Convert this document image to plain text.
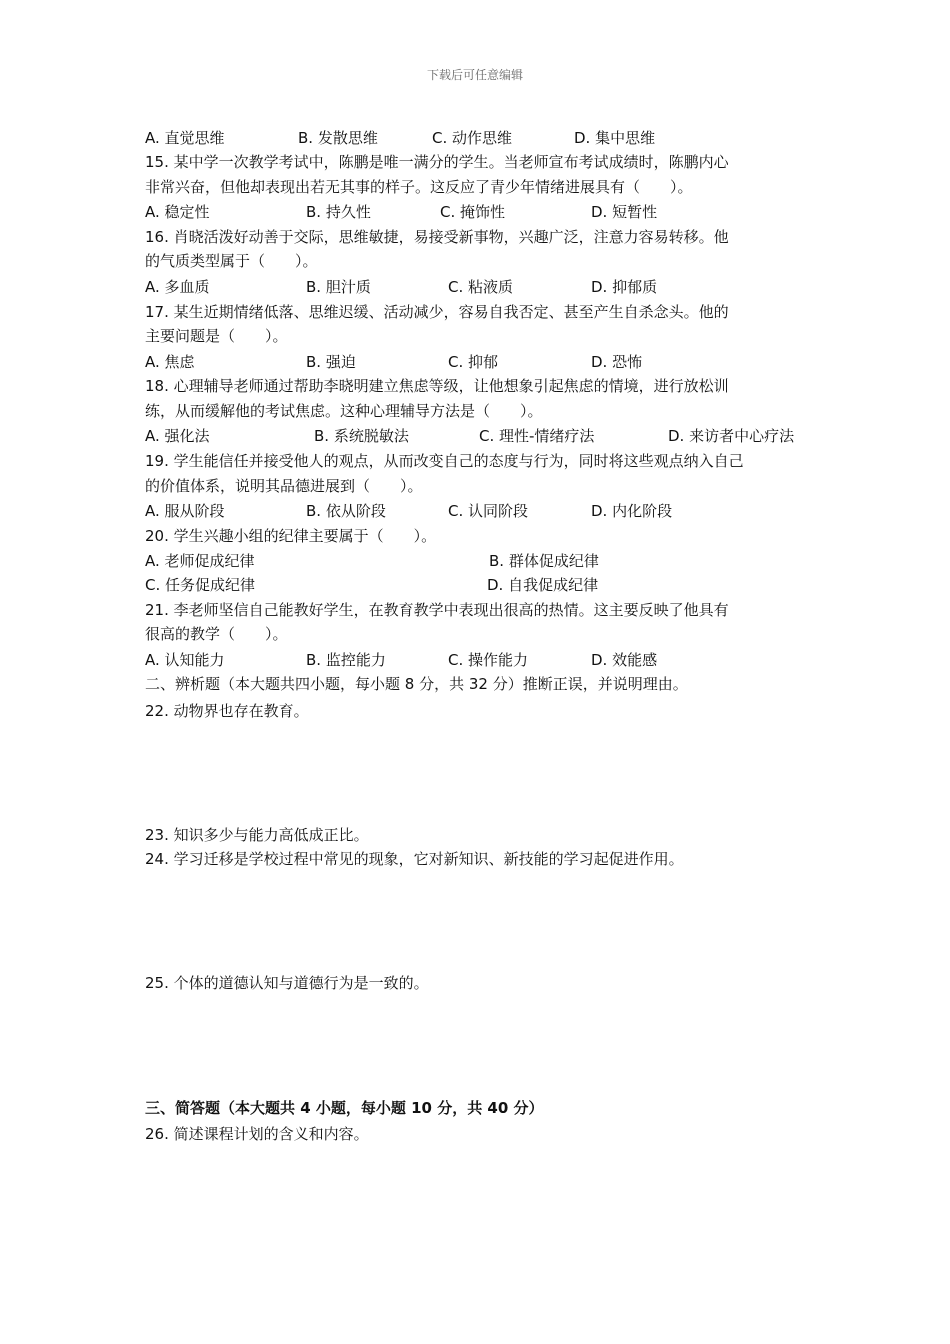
下载后可任意编辑
A. 直觉思维	B. 发散思维	C. 动作思维	D. 集中思维
15. 某中学一次教学考试中，陈鹏是唯一满分的学生。当老师宣布考试成绩时，陈鹏内心
非常兴奋，但他却表现出若无其事的样子。这反应了青少年情绪进展具有（　　）。
A. 稳定性	B. 持久性	C. 掩饰性	D. 短暂性
16. 肖晓活泼好动善于交际，思维敏捷，易接受新事物，兴趣广泛，注意力容易转移。他
的气质类型属于（　　）。
A. 多血质	B. 胆汁质	C. 粘液质	D. 抑郁质
17. 某生近期情绪低落、思维迟缓、活动减少，容易自我否定、甚至产生自杀念头。他的
主要问题是（　　）。
A. 焦虑	B. 强迫	C. 抑郁	D. 恐怖
18. 心理辅导老师通过帮助李晓明建立焦虑等级，让他想象引起焦虑的情境，进行放松训
练，从而缓解他的考试焦虑。这种心理辅导方法是（　　）。
A. 强化法	B. 系统脱敏法	C. 理性-情绪疗法	D. 来访者中心疗法
19. 学生能信任并接受他人的观点，从而改变自己的态度与行为，同时将这些观点纳入自己
的价值体系，说明其品德进展到（　　）。
A. 服从阶段	B. 依从阶段	C. 认同阶段	D. 内化阶段
20. 学生兴趣小组的纪律主要属于（　　）。
A. 老师促成纪律	B. 群体促成纪律
C. 任务促成纪律	D. 自我促成纪律
21. 李老师坚信自己能教好学生，在教育教学中表现出很高的热情。这主要反映了他具有
很高的教学（　　）。
A. 认知能力	B. 监控能力	C. 操作能力	D. 效能感
二、辨析题（本大题共四小题，每小题 8 分，共 32 分）推断正误，并说明理由。
22. 动物界也存在教育。
23. 知识多少与能力高低成正比。
24. 学习迁移是学校过程中常见的现象，它对新知识、新技能的学习起促进作用。
25. 个体的道德认知与道德行为是一致的。
三、简答题（本大题共 4 小题，每小题 10 分，共 40 分）
26. 简述课程计划的含义和内容。
